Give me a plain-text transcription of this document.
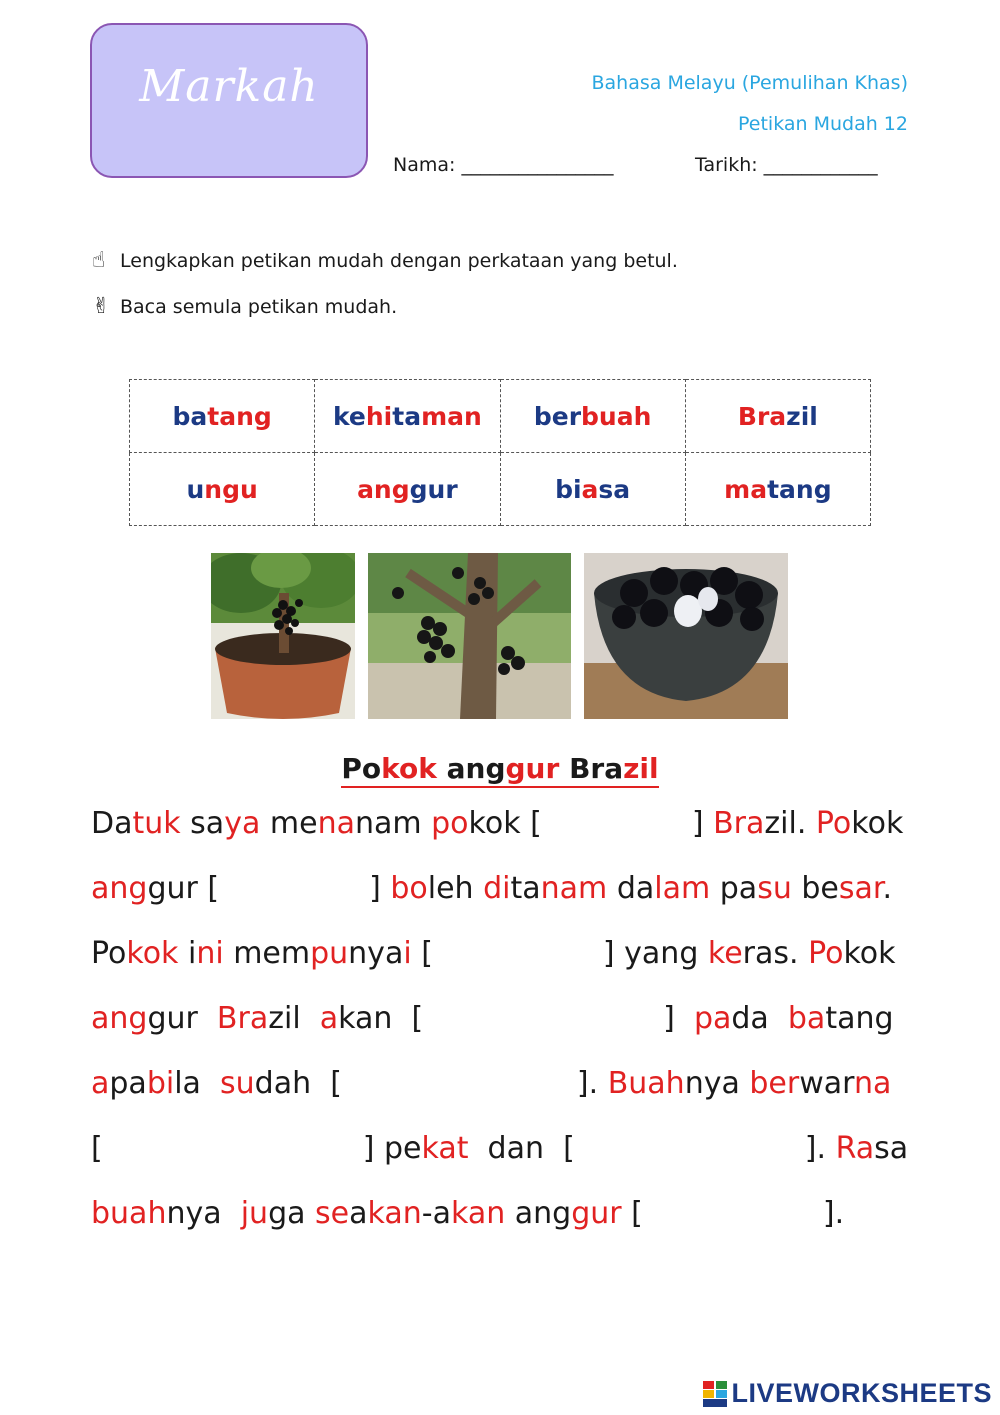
Markah	Bahasa Melayu (Pemulihan Khas)
Petikan Mudah 12
Nama: ________________	Tarikh: ____________
☝ Lengkapkan petikan mudah dengan perkataan yang betul.
✌ Baca semula petikan mudah.
batang	kehitaman	berbuah	Brazil
ungu	anggur	biasa	matang
Pokok anggur Brazil
Datuk saya menanam pokok [	] Brazil. Pokok
anggur [	] boleh ditanam dalam pasu besar.
Pokok ini mempunyai [	] yang keras. Pokok
anggur  Brazil  akan  [	]  pada  batang
apabila  sudah  [	]. Buahnya berwarna
[	] pekat  dan  [	]. Rasa
buahnya  juga seakan-akan anggur [	].
LIVEWORKSHEETS
